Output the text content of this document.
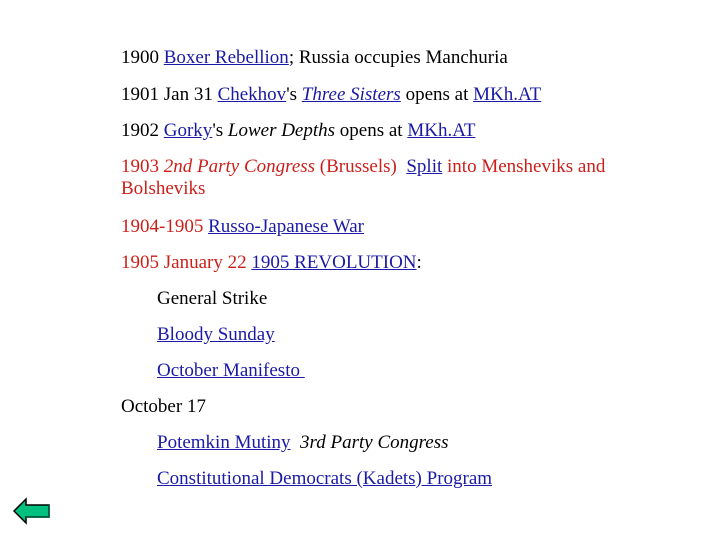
1900 Boxer Rebellion; Russia occupies Manchuria
1901 Jan 31 Chekhov's Three Sisters opens at MKh.AT
1902 Gorky's Lower Depths opens at MKh.AT
1903 2nd Party Congress (Brussels) Split into Mensheviks and Bolsheviks
1904-1905 Russo-Japanese War
1905 January 22 1905 REVOLUTION:
General Strike
Bloody Sunday
October Manifesto
October 17
Potemkin Mutiny 3rd Party Congress
Constitutional Democrats (Kadets) Program
